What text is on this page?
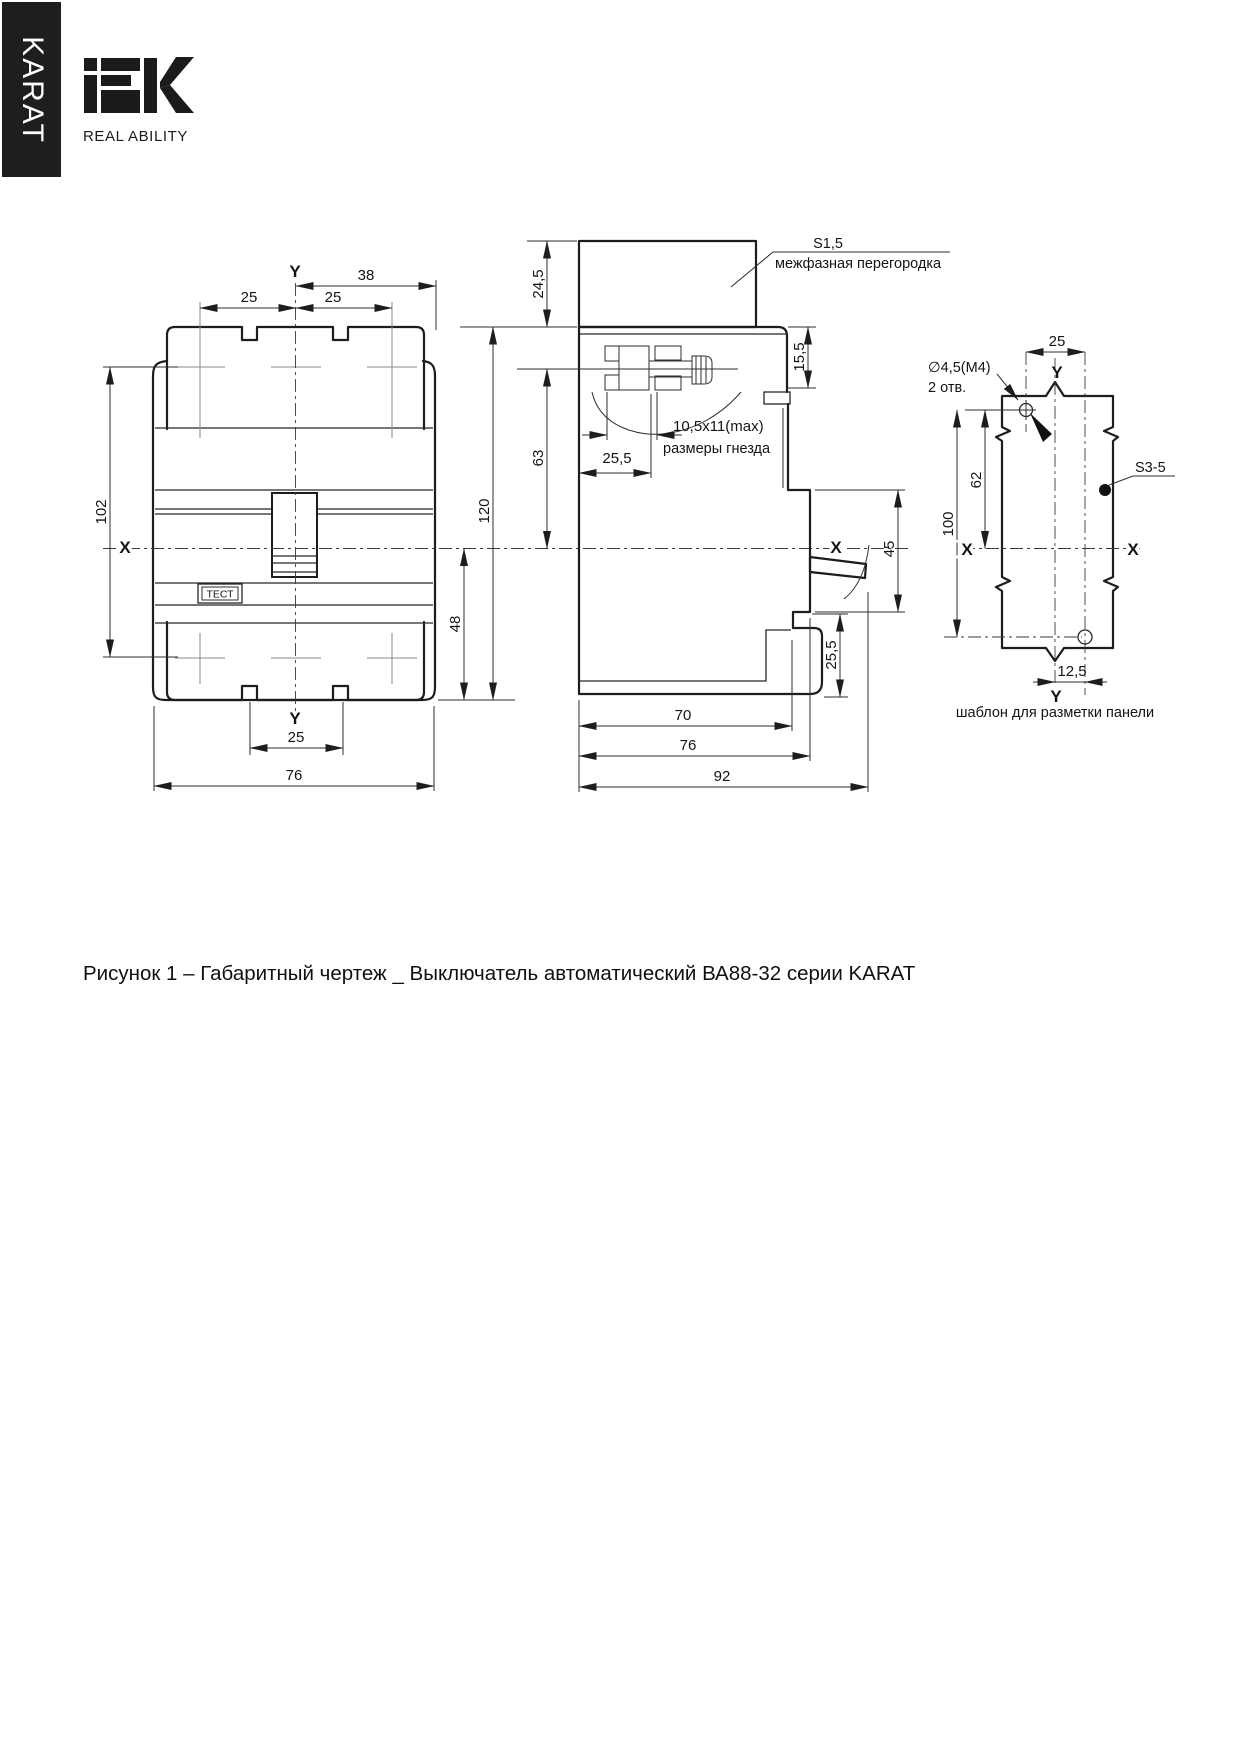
KARAT REAL ABILITY
ТЕСТ
Y
X
38
25	25
102
48
Y
25
76
24,5
S1,5
межфазная перегородка
15,5
10,5x11(max)
размеры гнезда
25,5
63
120
45
X
25,5
70
76
92
25
Y
∅4,5(M4)
2 отв.
62
100
X	X
S3-5
12,5
Y
шаблон для разметки панели
Рисунок 1 – Габаритный чертеж _ Выключатель автоматический ВА88-32 серии KARAT
